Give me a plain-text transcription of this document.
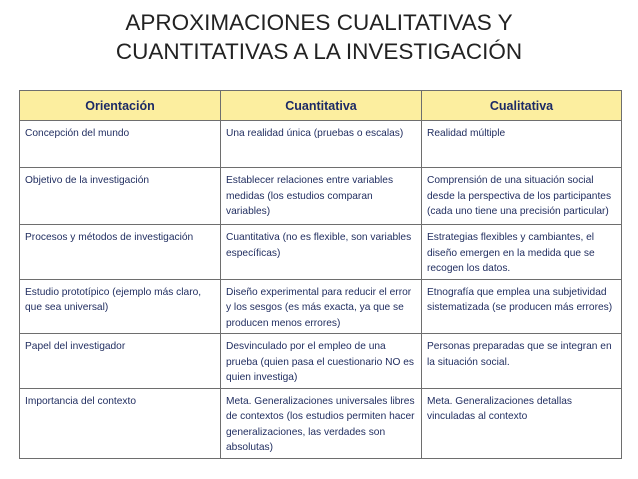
APROXIMACIONES CUALITATIVAS Y
CUANTITATIVAS A LA INVESTIGACIÓN
Orientación	Cuantitativa	Cualitativa
Concepción del mundo	Una realidad única (pruebas o escalas)	Realidad múltiple
Objetivo de la investigación	Establecer relaciones entre variables medidas (los estudios comparan variables)	Comprensión de una situación social desde la perspectiva de los participantes (cada uno tiene una precisión particular)
Procesos y métodos de investigación	Cuantitativa (no es flexible, son variables específicas)	Estrategias flexibles y cambiantes, el diseño emergen en la medida que se recogen los datos.
Estudio prototípico (ejemplo más claro, que sea universal)	Diseño experimental para reducir el error y los sesgos (es más exacta, ya que se producen menos errores)	Etnografía que emplea una subjetividad sistematizada (se producen más errores)
Papel del investigador	Desvinculado por el empleo de una prueba (quien pasa el cuestionario NO es quien investiga)	Personas preparadas que se integran en la situación social.
Importancia del contexto	Meta. Generalizaciones universales libres de contextos (los estudios permiten hacer generalizaciones, las verdades son absolutas)	Meta. Generalizaciones detallas vinculadas al contexto
